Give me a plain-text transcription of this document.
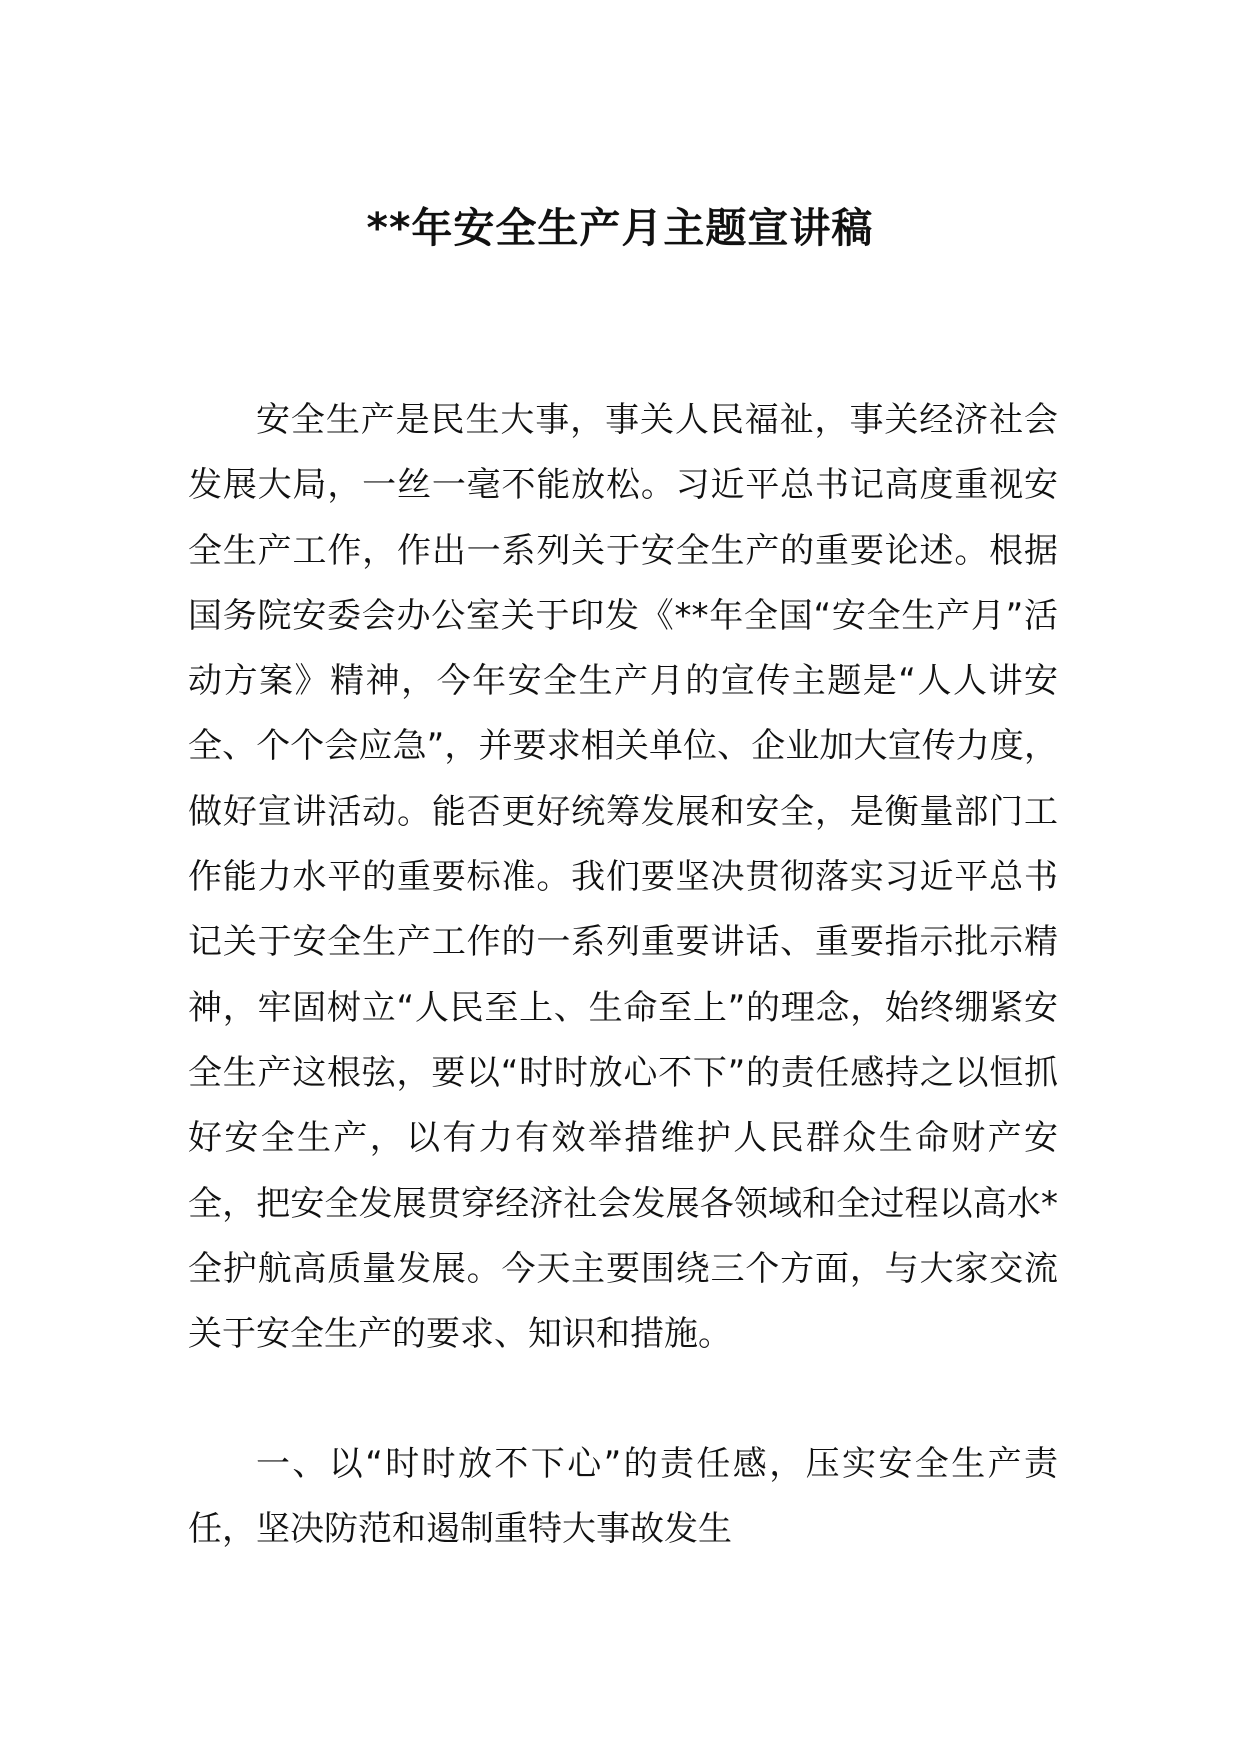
**年安全生产月主题宣讲稿

安全生产是民生大事，事关人民福祉，事关经济社会发展大局，一丝一毫不能放松。习近平总书记高度重视安全生产工作，作出一系列关于安全生产的重要论述。根据国务院安委会办公室关于印发《**年全国“安全生产月”活动方案》精神，今年安全生产月的宣传主题是“人人讲安全、个个会应急”，并要求相关单位、企业加大宣传力度，做好宣讲活动。能否更好统筹发展和安全，是衡量部门工作能力水平的重要标准。我们要坚决贯彻落实习近平总书记关于安全生产工作的一系列重要讲话、重要指示批示精神，牢固树立“人民至上、生命至上”的理念，始终绷紧安全生产这根弦，要以“时时放心不下”的责任感持之以恒抓好安全生产，以有力有效举措维护人民群众生命财产安全，把安全发展贯穿经济社会发展各领域和全过程以高水*全护航高质量发展。今天主要围绕三个方面，与大家交流关于安全生产的要求、知识和措施。

一、以“时时放不下心”的责任感，压实安全生产责任，坚决防范和遏制重特大事故发生
